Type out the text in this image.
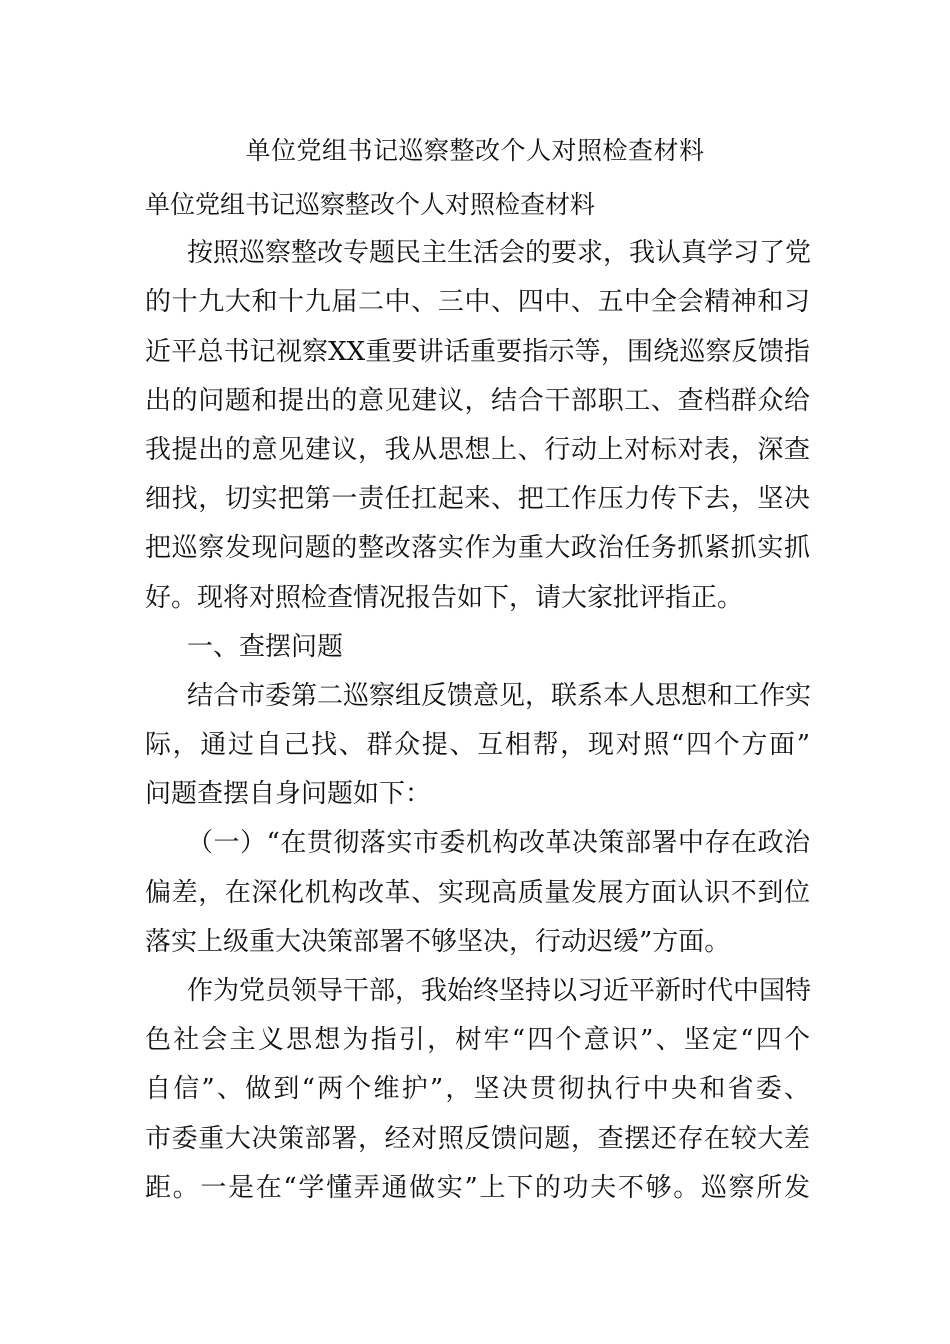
单位党组书记巡察整改个人对照检查材料
单位党组书记巡察整改个人对照检查材料
按照巡察整改专题民主生活会的要求，我认真学习了党
的十九大和十九届二中、三中、四中、五中全会精神和习
近平总书记视察XX重要讲话重要指示等，围绕巡察反馈指
出的问题和提出的意见建议，结合干部职工、查档群众给
我提出的意见建议，我从思想上、行动上对标对表，深查
细找，切实把第一责任扛起来、把工作压力传下去，坚决
把巡察发现问题的整改落实作为重大政治任务抓紧抓实抓
好。现将对照检查情况报告如下，请大家批评指正。
一、查摆问题
结合市委第二巡察组反馈意见，联系本人思想和工作实
际，通过自己找、群众提、互相帮，现对照“四个方面”
问题查摆自身问题如下：
（一）“在贯彻落实市委机构改革决策部署中存在政治
偏差，在深化机构改革、实现高质量发展方面认识不到位
落实上级重大决策部署不够坚决，行动迟缓”方面。
作为党员领导干部，我始终坚持以习近平新时代中国特
色社会主义思想为指引，树牢“四个意识”、坚定“四个
自信”、做到“两个维护”，坚决贯彻执行中央和省委、
市委重大决策部署，经对照反馈问题，查摆还存在较大差
距。一是在“学懂弄通做实”上下的功夫不够。巡察所发
